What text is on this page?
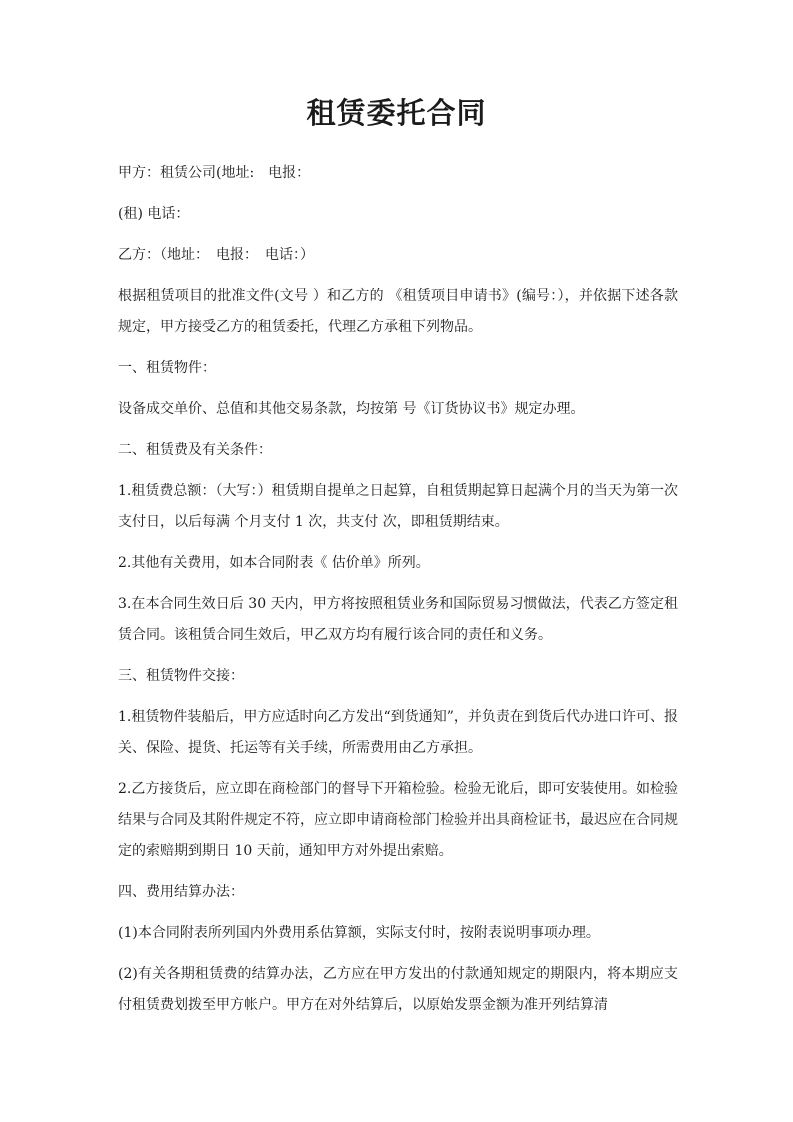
租赁委托合同

甲方：租赁公司(地址:　电报：

(租) 电话：

乙方：（地址：　电报：　电话：）

根据租赁项目的批准文件(文号 ）和乙方的 《租赁项目申请书》(编号：），并依据下述各款规定，甲方接受乙方的租赁委托，代理乙方承租下列物品。

一、租赁物件：

设备成交单价、总值和其他交易条款，均按第 号《订货协议书》规定办理。

二、租赁费及有关条件：

1.租赁费总额：（大写：）租赁期自提单之日起算，自租赁期起算日起满个月的当天为第一次支付日，以后每满 个月支付 1 次，共支付 次，即租赁期结束。

2.其他有关费用，如本合同附表《 估价单》所列。

3.在本合同生效日后 30 天内，甲方将按照租赁业务和国际贸易习惯做法，代表乙方签定租赁合同。该租赁合同生效后，甲乙双方均有履行该合同的责任和义务。

三、租赁物件交接：

1.租赁物件装船后，甲方应适时向乙方发出“到货通知”，并负责在到货后代办进口许可、报关、保险、提货、托运等有关手续，所需费用由乙方承担。

2.乙方接货后，应立即在商检部门的督导下开箱检验。检验无讹后，即可安装使用。如检验结果与合同及其附件规定不符，应立即申请商检部门检验并出具商检证书，最迟应在合同规定的索赔期到期日 10 天前，通知甲方对外提出索赔。

四、费用结算办法：

(1)本合同附表所列国内外费用系估算额，实际支付时，按附表说明事项办理。

(2)有关各期租赁费的结算办法，乙方应在甲方发出的付款通知规定的期限内，将本期应支付租赁费划拨至甲方帐户。甲方在对外结算后，以原始发票金额为准开列结算清
